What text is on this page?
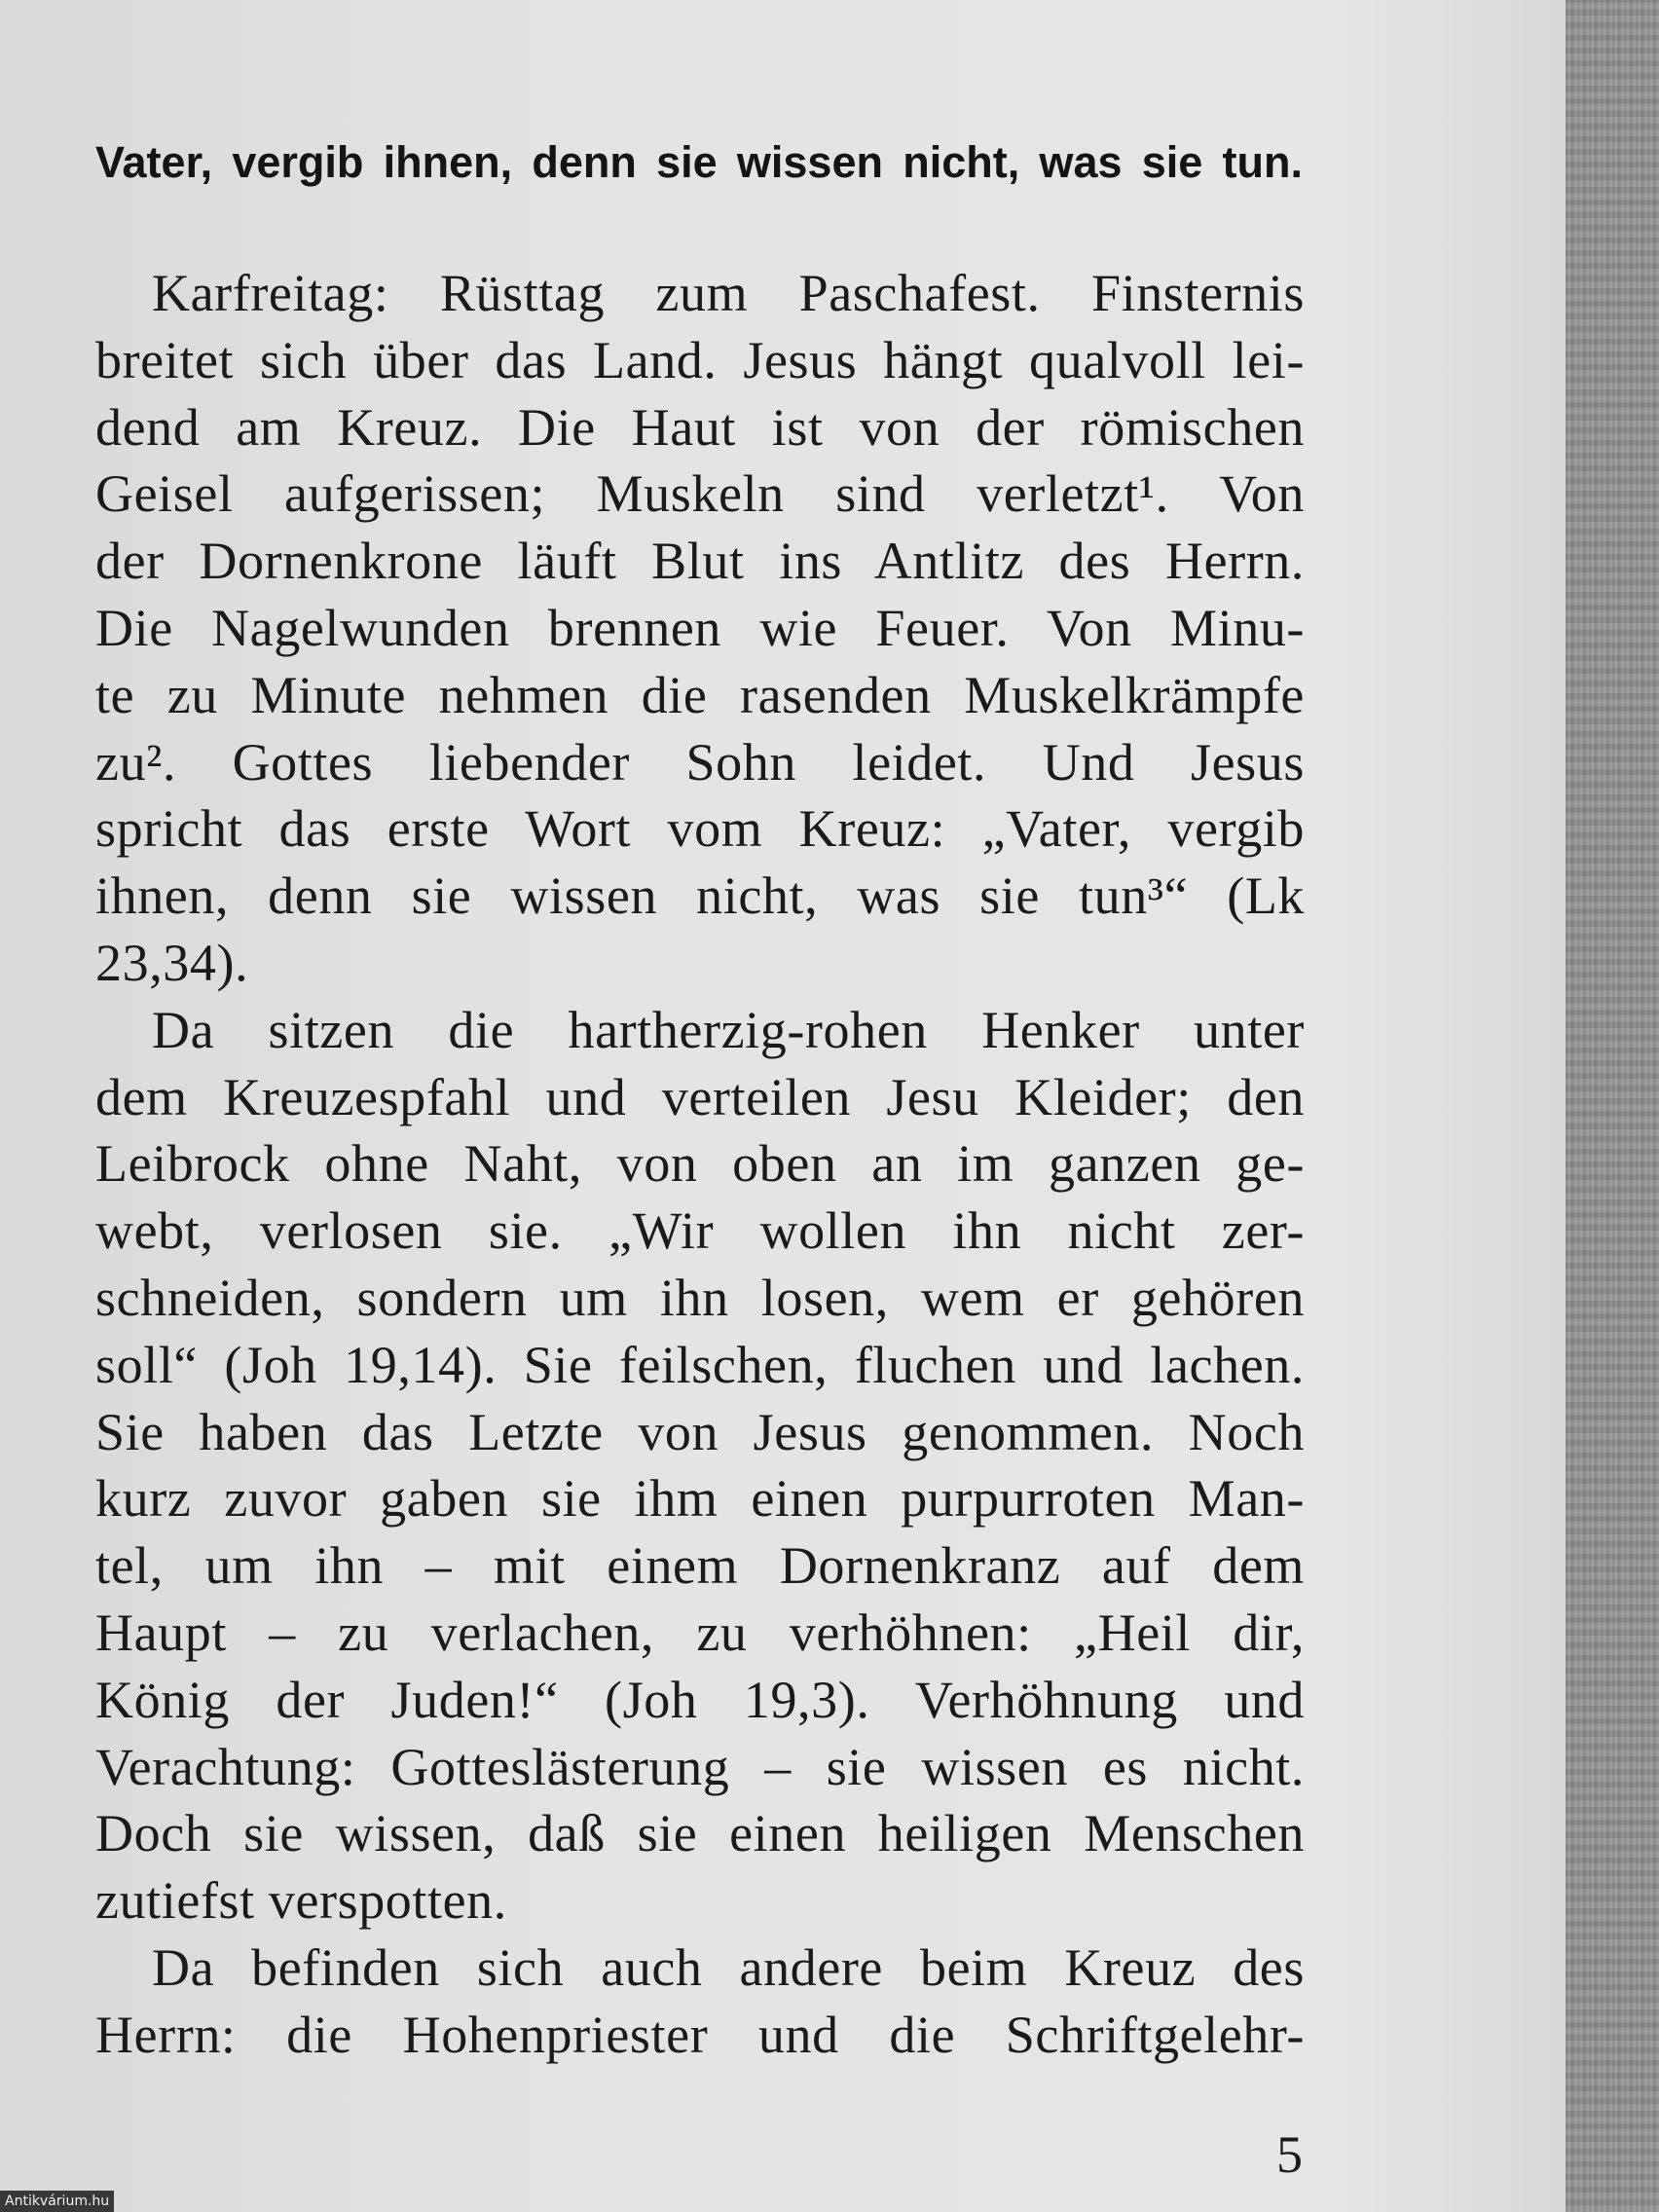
Vater, vergib ihnen, denn sie wissen nicht, was sie tun.
Karfreitag: Rüsttag zum Paschafest. Finsternis
breitet sich über das Land. Jesus hängt qualvoll lei-
dend am Kreuz. Die Haut ist von der römischen
Geisel aufgerissen; Muskeln sind verletzt¹. Von
der Dornenkrone läuft Blut ins Antlitz des Herrn.
Die Nagelwunden brennen wie Feuer. Von Minu-
te zu Minute nehmen die rasenden Muskelkrämpfe
zu². Gottes liebender Sohn leidet. Und Jesus
spricht das erste Wort vom Kreuz: „Vater, vergib
ihnen, denn sie wissen nicht, was sie tun³“ (Lk
23,34).
Da sitzen die hartherzig-rohen Henker unter
dem Kreuzespfahl und verteilen Jesu Kleider; den
Leibrock ohne Naht, von oben an im ganzen ge-
webt, verlosen sie. „Wir wollen ihn nicht zer-
schneiden, sondern um ihn losen, wem er gehören
soll“ (Joh 19,14). Sie feilschen, fluchen und lachen.
Sie haben das Letzte von Jesus genommen. Noch
kurz zuvor gaben sie ihm einen purpurroten Man-
tel, um ihn – mit einem Dornenkranz auf dem
Haupt – zu verlachen, zu verhöhnen: „Heil dir,
König der Juden!“ (Joh 19,3). Verhöhnung und
Verachtung: Gotteslästerung – sie wissen es nicht.
Doch sie wissen, daß sie einen heiligen Menschen
zutiefst verspotten.
Da befinden sich auch andere beim Kreuz des
Herrn: die Hohenpriester und die Schriftgelehr-
5
Antikvárium.hu
